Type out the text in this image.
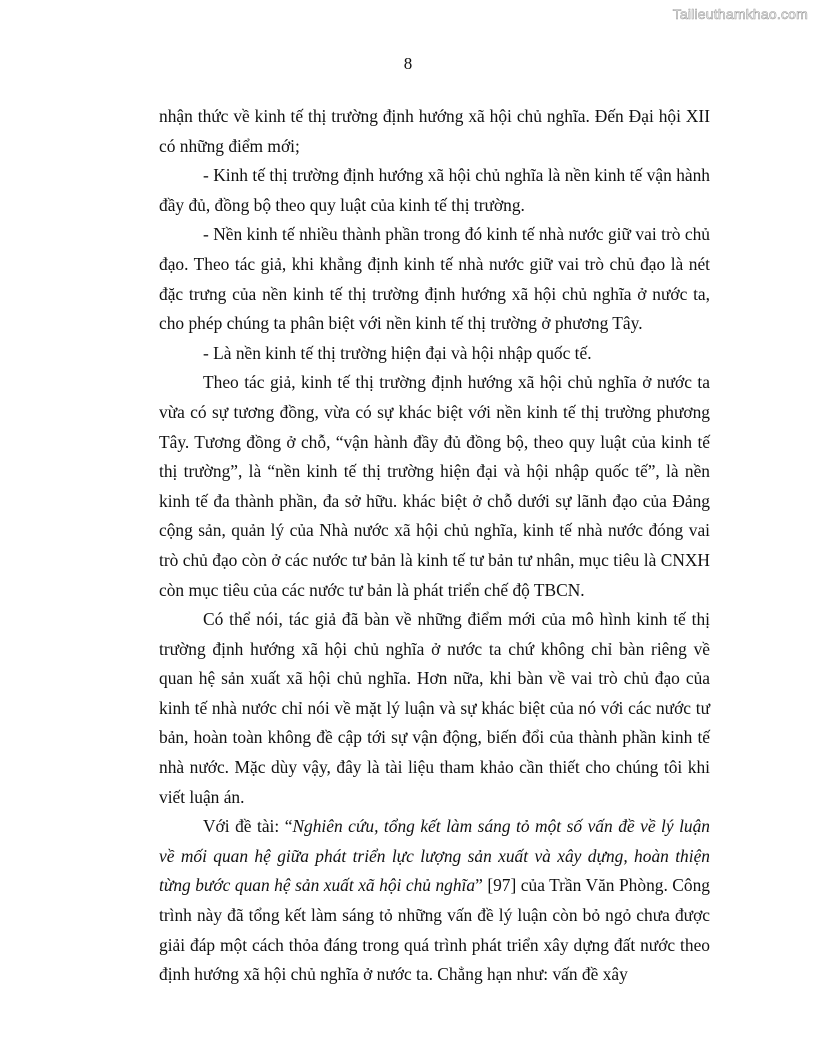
Tailieuthamkhao.com
8

nhận thức về kinh tế thị trường định hướng xã hội chủ nghĩa. Đến Đại hội XII có những điểm mới;

- Kinh tế thị trường định hướng xã hội chủ nghĩa là nền kinh tế vận hành đầy đủ, đồng bộ theo quy luật của kinh tế thị trường.

- Nền kinh tế nhiều thành phần trong đó kinh tế nhà nước giữ vai trò chủ đạo. Theo tác giả, khi khẳng định kinh tế nhà nước giữ vai trò chủ đạo là nét đặc trưng của nền kinh tế thị trường định hướng xã hội chủ nghĩa ở nước ta, cho phép chúng ta phân biệt với nền kinh tế thị trường ở phương Tây.

- Là nền kinh tế thị trường hiện đại và hội nhập quốc tế.

Theo tác giả, kinh tế thị trường định hướng xã hội chủ nghĩa ở nước ta vừa có sự tương đồng, vừa có sự khác biệt với nền kinh tế thị trường phương Tây. Tương đồng ở chỗ, “vận hành đầy đủ đồng bộ, theo quy luật của kinh tế thị trường”, là “nền kinh tế thị trường hiện đại và hội nhập quốc tế”, là nền kinh tế đa thành phần, đa sở hữu. khác biệt ở chỗ dưới sự lãnh đạo của Đảng cộng sản, quản lý của Nhà nước xã hội chủ nghĩa, kinh tế nhà nước đóng vai trò chủ đạo còn ở các nước tư bản là kinh tế tư bản tư nhân, mục tiêu là CNXH còn mục tiêu của các nước tư bản là phát triển chế độ TBCN.

Có thể nói, tác giả đã bàn về những điểm mới của mô hình kinh tế thị trường định hướng xã hội chủ nghĩa ở nước ta chứ không chỉ bàn riêng về quan hệ sản xuất xã hội chủ nghĩa. Hơn nữa, khi bàn về vai trò chủ đạo của kinh tế nhà nước chỉ nói về mặt lý luận và sự khác biệt của nó với các nước tư bản, hoàn toàn không đề cập tới sự vận động, biến đổi của thành phần kinh tế nhà nước. Mặc dùy vậy, đây là tài liệu tham khảo cần thiết cho chúng tôi khi viết luận án.

Với đề tài: “Nghiên cứu, tổng kết làm sáng tỏ một số vấn đề về lý luận về mối quan hệ giữa phát triển lực lượng sản xuất và xây dựng, hoàn thiện từng bước quan hệ sản xuất xã hội chủ nghĩa” [97] của Trần Văn Phòng. Công trình này đã tổng kết làm sáng tỏ những vấn đề lý luận còn bỏ ngỏ chưa được giải đáp một cách thỏa đáng trong quá trình phát triển xây dựng đất nước theo định hướng xã hội chủ nghĩa ở nước ta. Chẳng hạn như: vấn đề xây
